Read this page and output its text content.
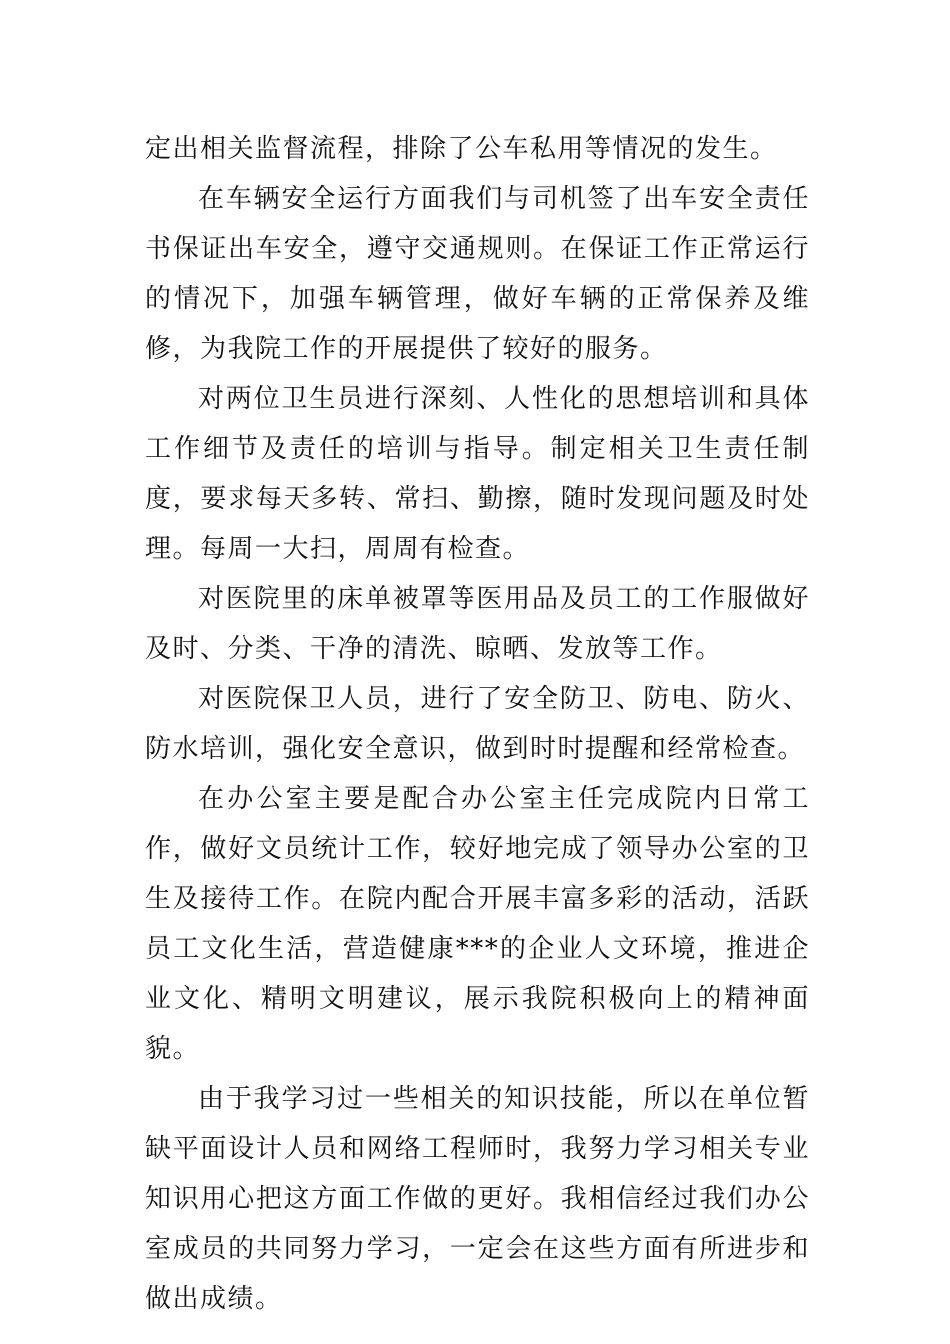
定出相关监督流程，排除了公车私用等情况的发生。

在车辆安全运行方面我们与司机签了出车安全责任书保证出车安全，遵守交通规则。在保证工作正常运行的情况下，加强车辆管理，做好车辆的正常保养及维修，为我院工作的开展提供了较好的服务。

对两位卫生员进行深刻、人性化的思想培训和具体工作细节及责任的培训与指导。制定相关卫生责任制度，要求每天多转、常扫、勤擦，随时发现问题及时处理。每周一大扫，周周有检查。

对医院里的床单被罩等医用品及员工的工作服做好及时、分类、干净的清洗、晾晒、发放等工作。

对医院保卫人员，进行了安全防卫、防电、防火、防水培训，强化安全意识，做到时时提醒和经常检查。

在办公室主要是配合办公室主任完成院内日常工作，做好文员统计工作，较好地完成了领导办公室的卫生及接待工作。在院内配合开展丰富多彩的活动，活跃员工文化生活，营造健康***的企业人文环境，推进企业文化、精明文明建议，展示我院积极向上的精神面貌。

由于我学习过一些相关的知识技能，所以在单位暂缺平面设计人员和网络工程师时，我努力学习相关专业知识用心把这方面工作做的更好。我相信经过我们办公室成员的共同努力学习，一定会在这些方面有所进步和做出成绩。
